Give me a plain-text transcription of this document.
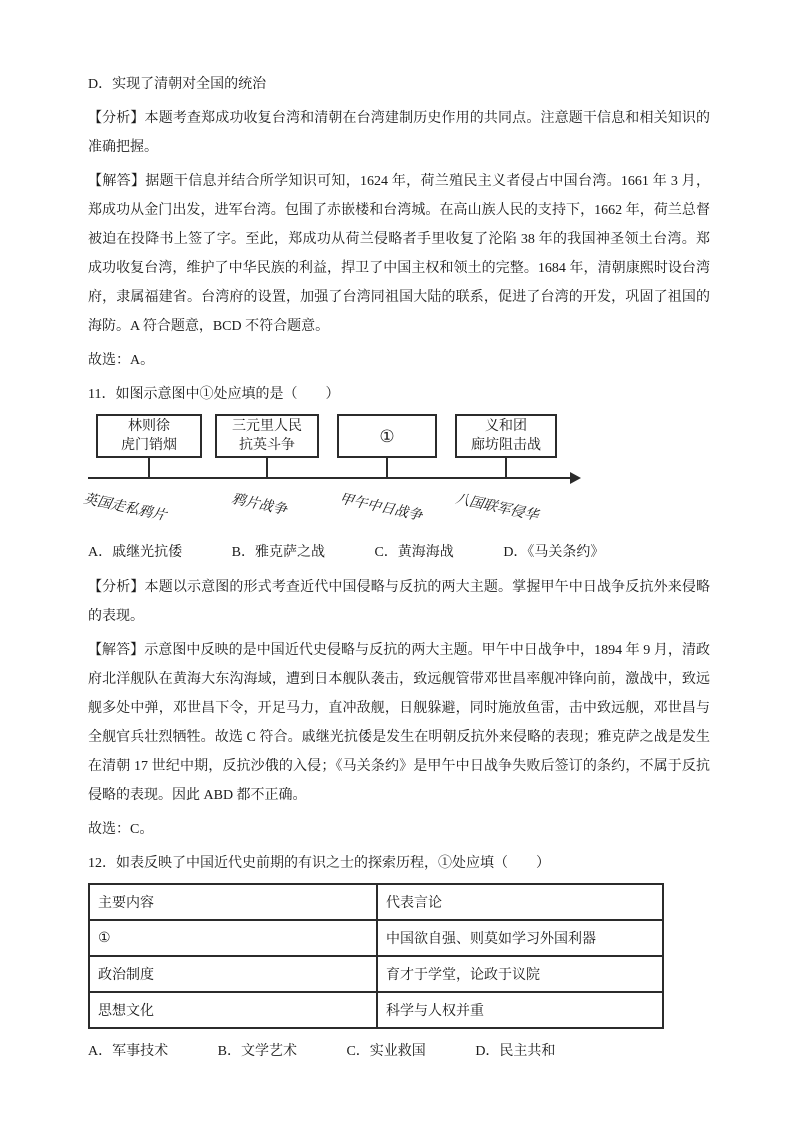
D．实现了清朝对全国的统治

【分析】本题考查郑成功收复台湾和清朝在台湾建制历史作用的共同点。注意题干信息和相关知识的准确把握。

【解答】据题干信息并结合所学知识可知，1624 年，荷兰殖民主义者侵占中国台湾。1661 年 3 月，郑成功从金门出发，进军台湾。包围了赤嵌楼和台湾城。在高山族人民的支持下，1662 年，荷兰总督被迫在投降书上签了字。至此，郑成功从荷兰侵略者手里收复了沦陷 38 年的我国神圣领土台湾。郑成功收复台湾，维护了中华民族的利益，捍卫了中国主权和领土的完整。1684 年，清朝康熙时设台湾府，隶属福建省。台湾府的设置，加强了台湾同祖国大陆的联系，促进了台湾的开发，巩固了祖国的海防。A 符合题意，BCD 不符合题意。

故选：A。

11．如图示意图中①处应填的是（　　）

林则徐
虎门销烟
三元里人民
抗英斗争	①	义和团
廊坊阻击战
英国走私鸦片	鸦片战争	甲午中日战争 八国联军侵华
A．戚继光抗倭	B．雅克萨之战	C．黄海海战	D．《马关条约》

【分析】本题以示意图的形式考查近代中国侵略与反抗的两大主题。掌握甲午中日战争反抗外来侵略的表现。

【解答】示意图中反映的是中国近代史侵略与反抗的两大主题。甲午中日战争中，1894 年 9 月，清政府北洋舰队在黄海大东沟海域，遭到日本舰队袭击，致远舰管带邓世昌率舰冲锋向前，激战中，致远舰多处中弹，邓世昌下令，开足马力，直冲敌舰，日舰躲避，同时施放鱼雷，击中致远舰，邓世昌与全舰官兵壮烈牺牲。故选 C 符合。戚继光抗倭是发生在明朝反抗外来侵略的表现；雅克萨之战是发生在清朝 17 世纪中期，反抗沙俄的入侵；《马关条约》是甲午中日战争失败后签订的条约，不属于反抗侵略的表现。因此 ABD 都不正确。

故选：C。

12．如表反映了中国近代史前期的有识之士的探索历程，①处应填（　　）

主要内容	代表言论
①	中国欲自强、则莫如学习外国利器
政治制度	育才于学堂，论政于议院
思想文化	科学与人权并重
A．军事技术	B．文学艺术	C．实业救国	D．民主共和
